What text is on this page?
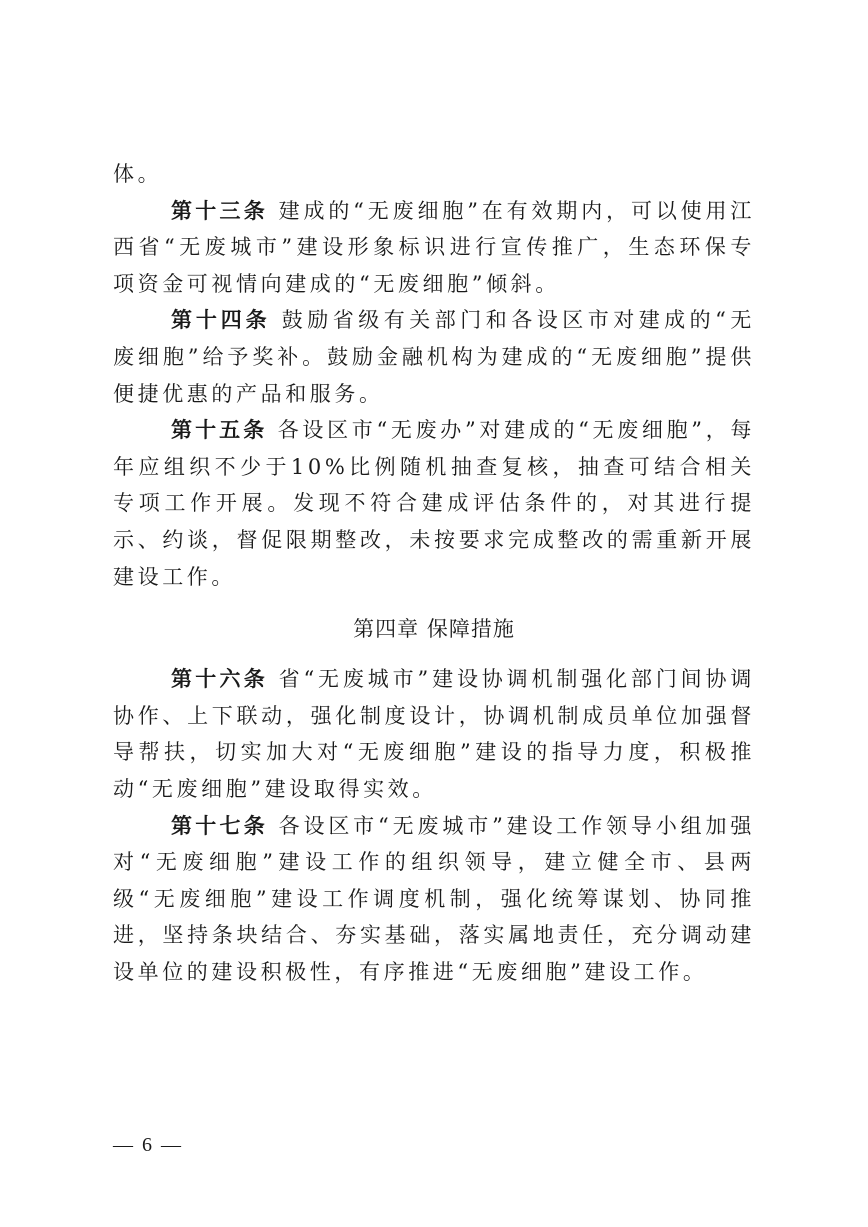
体。

第十三条 建成的“无废细胞”在有效期内，可以使用江西省“无废城市”建设形象标识进行宣传推广，生态环保专项资金可视情向建成的“无废细胞”倾斜。

第十四条 鼓励省级有关部门和各设区市对建成的“无废细胞”给予奖补。鼓励金融机构为建成的“无废细胞”提供便捷优惠的产品和服务。

第十五条 各设区市“无废办”对建成的“无废细胞”，每年应组织不少于10%比例随机抽查复核，抽查可结合相关专项工作开展。发现不符合建成评估条件的，对其进行提示、约谈，督促限期整改，未按要求完成整改的需重新开展建设工作。

第四章 保障措施

第十六条 省“无废城市”建设协调机制强化部门间协调协作、上下联动，强化制度设计，协调机制成员单位加强督导帮扶，切实加大对“无废细胞”建设的指导力度，积极推动“无废细胞”建设取得实效。

第十七条 各设区市“无废城市”建设工作领导小组加强对“无废细胞”建设工作的组织领导，建立健全市、县两级“无废细胞”建设工作调度机制，强化统筹谋划、协同推进，坚持条块结合、夯实基础，落实属地责任，充分调动建设单位的建设积极性，有序推进“无废细胞”建设工作。

— 6 —
